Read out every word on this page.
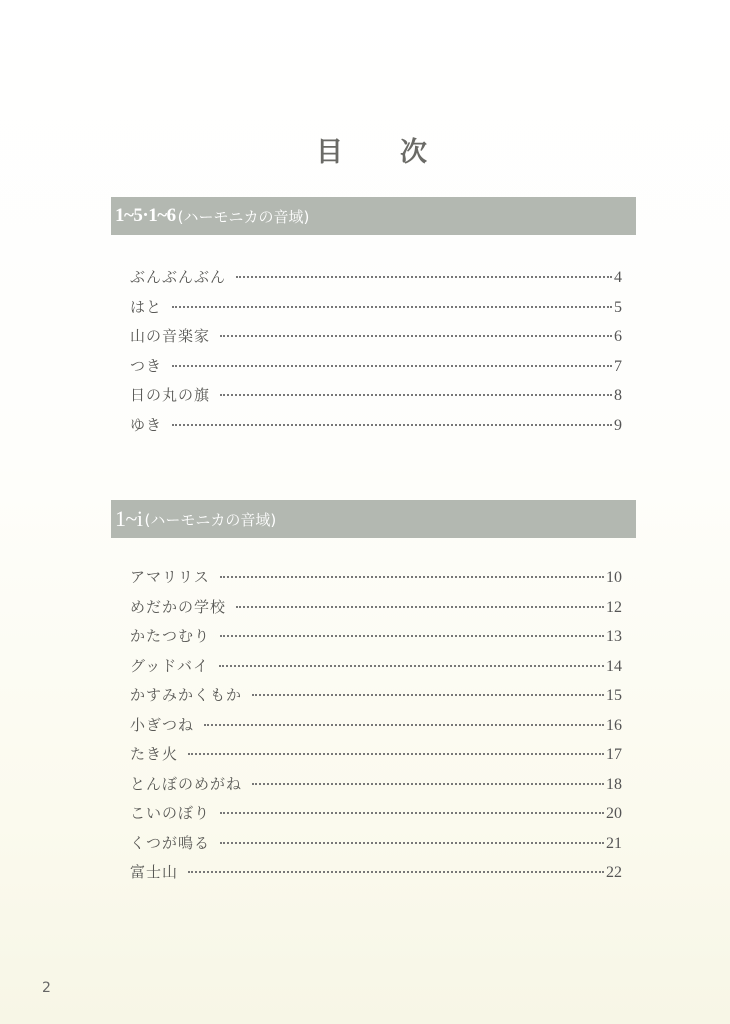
目 次
1~5·1~6 (ハーモニカの音域)
ぶんぶんぶん	4
はと	5
山の音楽家	6
つき	7
日の丸の旗	8
ゆき	9
1~i (ハーモニカの音域)
アマリリス	10
めだかの学校	12
かたつむり	13
グッドバイ	14
かすみかくもか	15
小ぎつね	16
たき火	17
とんぼのめがね	18
こいのぼり	20
くつが鳴る	21
富士山	22
2
